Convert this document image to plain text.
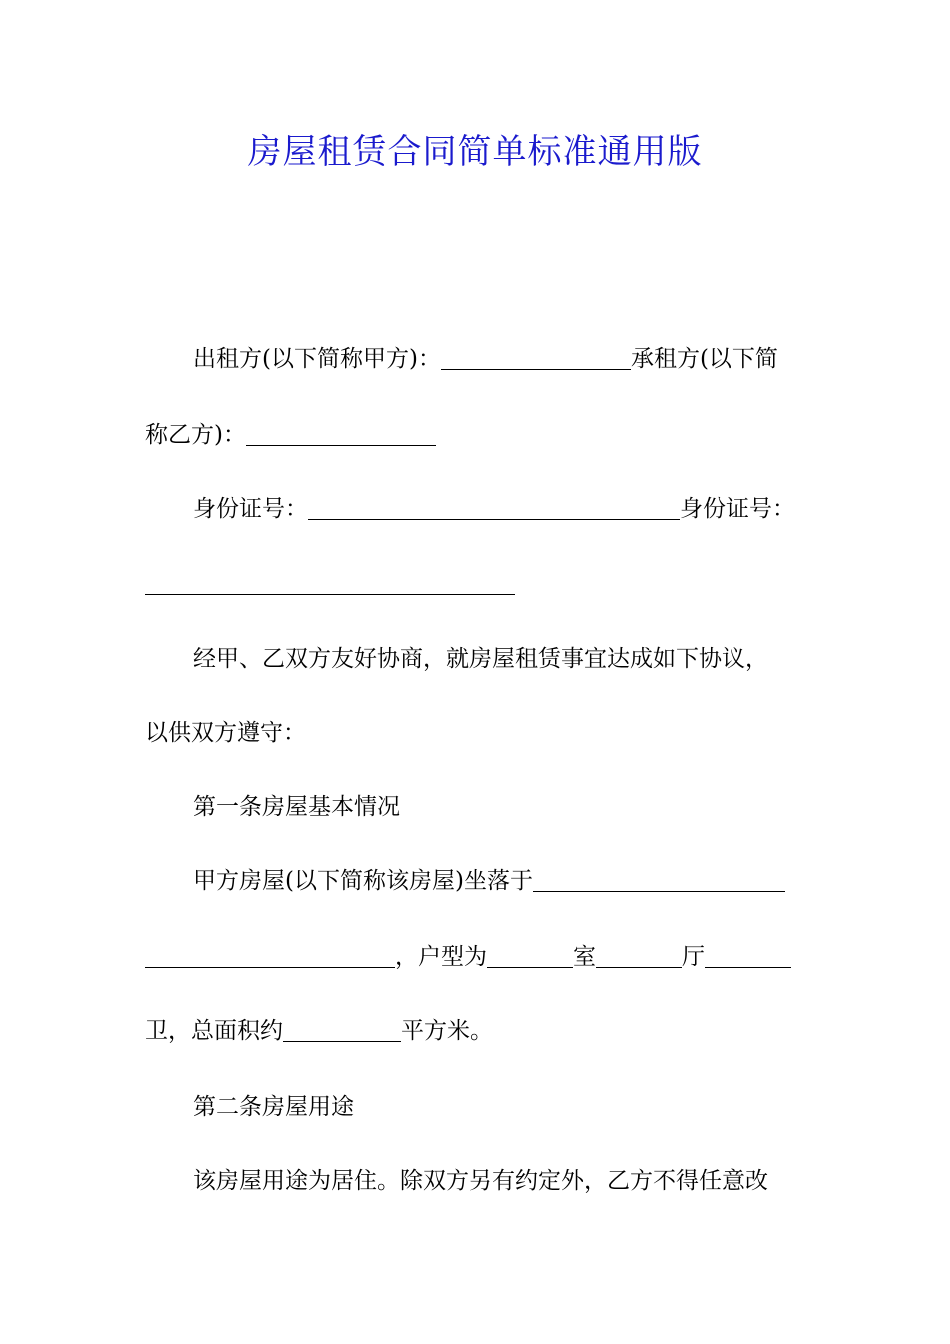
房屋租赁合同简单标准通用版
出租方(以下简称甲方)：	承租方(以下简
称乙方)：
身份证号：	身份证号：
经甲、乙双方友好协商，就房屋租赁事宜达成如下协议，
以供双方遵守：
第一条房屋基本情况
甲方房屋(以下简称该房屋)坐落于
，户型为	室	厅
卫，总面积约	平方米。
第二条房屋用途
该房屋用途为居住。除双方另有约定外，乙方不得任意改
